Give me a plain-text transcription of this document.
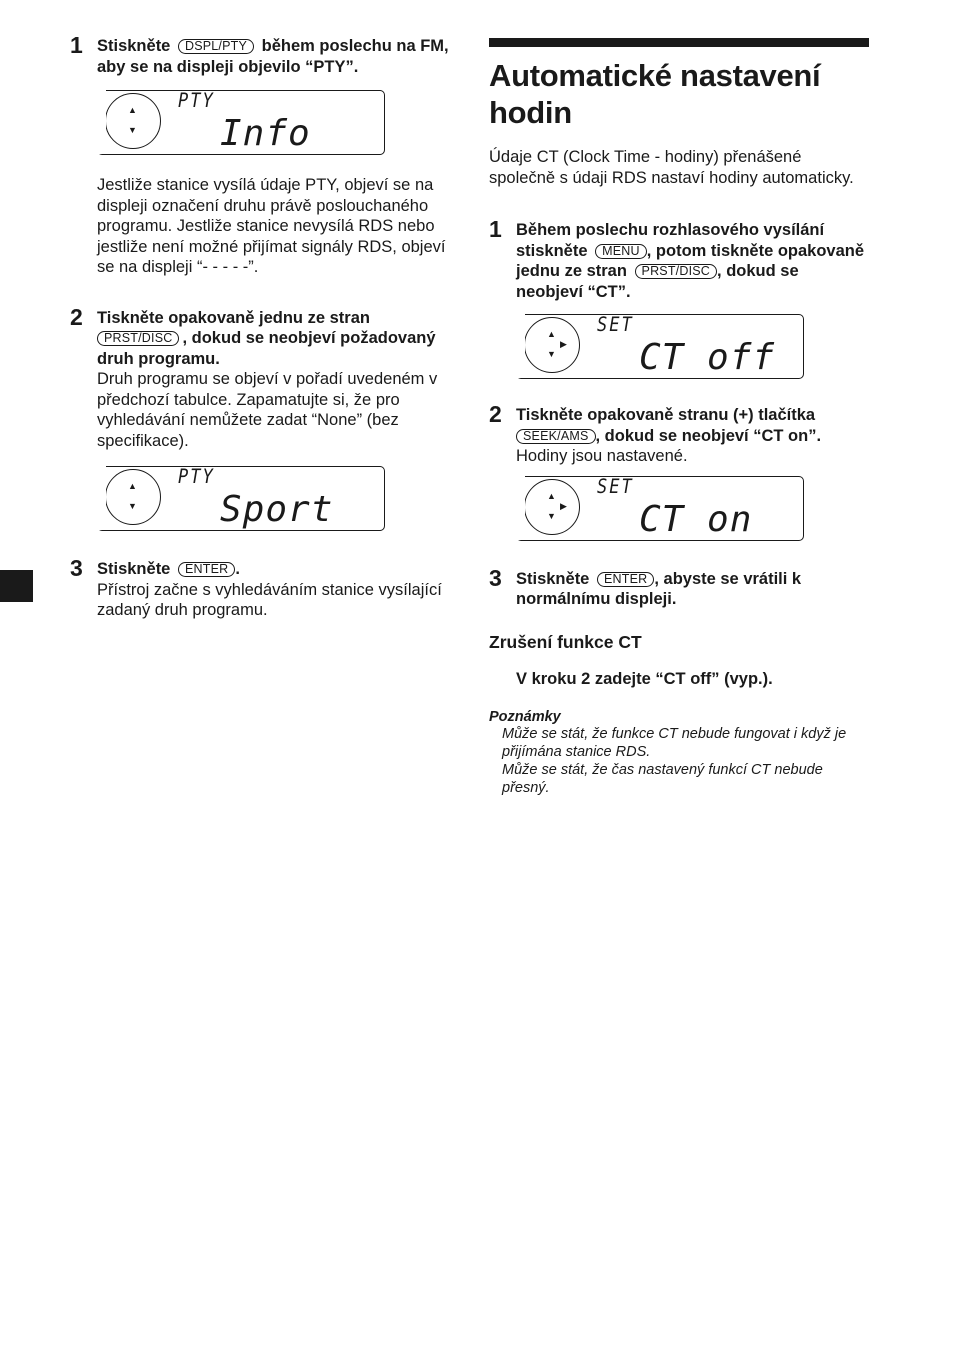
1 Stiskněte DSPL/PTY během poslechu na FM, aby se na displeji objevilo “PTY”.
▲
▼
PTY
Info
Jestliže stanice vysílá údaje PTY, objeví se na displeji označení druhu právě poslouchaného programu. Jestliže stanice nevysílá RDS nebo jestliže není možné přijímat signály RDS, objeví se na displeji “- - - - -”.
2 Tiskněte opakovaně jednu ze stran PRST/DISC , dokud se neobjeví požadovaný druh programu.
Druh programu se objeví v pořadí uvedeném v předchozí tabulce. Zapamatujte si, že pro vyhledávání nemůžete zadat “None” (bez specifikace).
▲
▼
PTY
Sport
3 Stiskněte ENTER .
Přístroj začne s vyhledáváním stanice vysílající zadaný druh programu.
Automatické nastavení hodin
Údaje CT (Clock Time - hodiny) přenášené společně s údaji RDS nastaví hodiny automaticky.
1 Během poslechu rozhlasového vysílání stiskněte MENU , potom tiskněte opakovaně jednu ze stran PRST/DISC , dokud se neobjeví “CT”.
▲
▶
▼
SET
CT off
2 Tiskněte opakovaně stranu (+) tlačítka SEEK/AMS , dokud se neobjeví “CT on”.
Hodiny jsou nastavené.
▲
▶
▼
SET
CT on
3 Stiskněte ENTER , abyste se vrátili k normálnímu displeji.
Zrušení funkce CT
V kroku 2 zadejte “CT off” (vyp.).
Poznámky
Může se stát, že funkce CT nebude fungovat i když je přijímána stanice RDS.
Může se stát, že čas nastavený funkcí CT nebude přesný.
